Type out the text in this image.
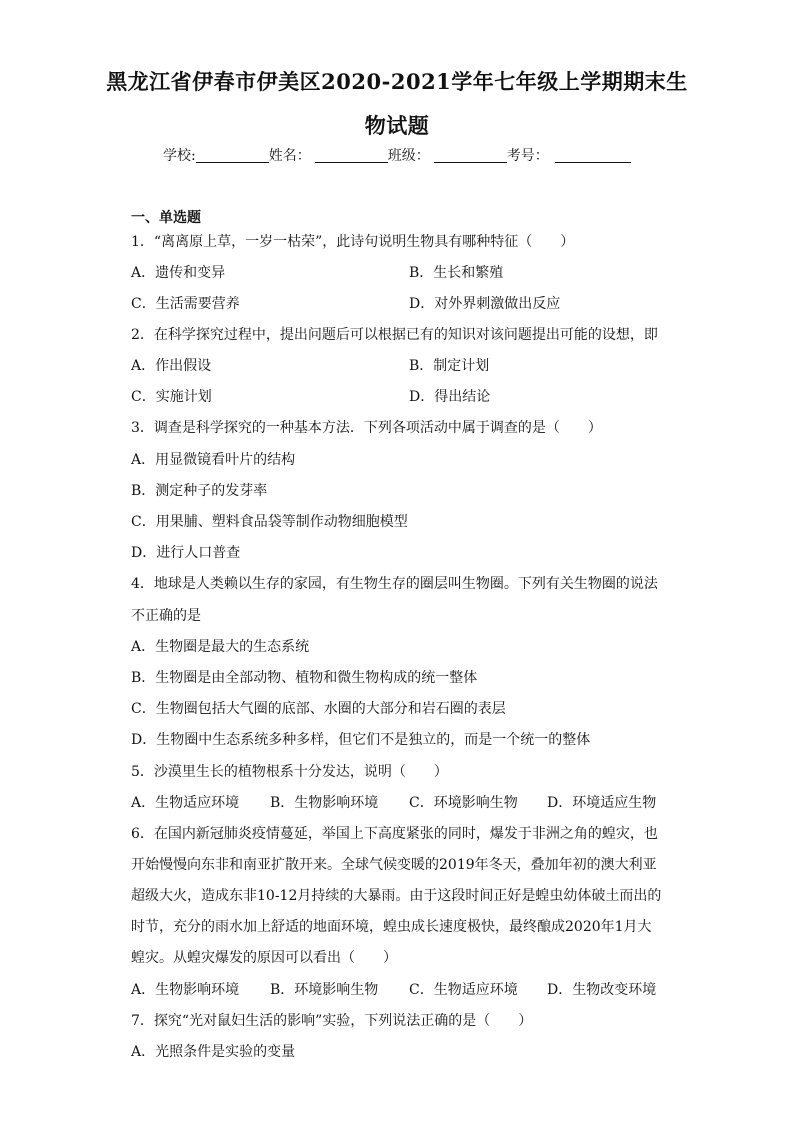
黑龙江省伊春市伊美区2020-2021学年七年级上学期期末生
物试题
学校:	姓名：	班级：	考号：
一、单选题
1．“离离原上草，一岁一枯荣”，此诗句说明生物具有哪种特征（　　）
A．遗传和变异	B．生长和繁殖
C．生活需要营养	D．对外界刺激做出反应
2．在科学探究过程中，提出问题后可以根据已有的知识对该问题提出可能的设想，即
A．作出假设	B．制定计划
C．实施计划	D．得出结论
3．调查是科学探究的一种基本方法．下列各项活动中属于调查的是（　　）
A．用显微镜看叶片的结构
B．测定种子的发芽率
C．用果脯、塑料食品袋等制作动物细胞模型
D．进行人口普查
4．地球是人类赖以生存的家园，有生物生存的圈层叫生物圈。下列有关生物圈的说法
不正确的是
A．生物圈是最大的生态系统
B．生物圈是由全部动物、植物和微生物构成的统一整体
C．生物圈包括大气圈的底部、水圈的大部分和岩石圈的表层
D．生物圈中生态系统多种多样，但它们不是独立的，而是一个统一的整体
5．沙漠里生长的植物根系十分发达，说明（　　）
A．生物适应环境 B．生物影响环境 C．环境影响生物 D．环境适应生物
6．在国内新冠肺炎疫情蔓延，举国上下高度紧张的同时，爆发于非洲之角的蝗灾，也
开始慢慢向东非和南亚扩散开来。全球气候变暖的2019年冬天，叠加年初的澳大利亚
超级大火，造成东非10-12月持续的大暴雨。由于这段时间正好是蝗虫幼体破土而出的
时节，充分的雨水加上舒适的地面环境，蝗虫成长速度极快，最终酿成2020年1月大
蝗灾。从蝗灾爆发的原因可以看出（　　）
A．生物影响环境 B．环境影响生物 C．生物适应环境 D．生物改变环境
7．探究“光对鼠妇生活的影响”实验，下列说法正确的是（　　）
A．光照条件是实验的变量
